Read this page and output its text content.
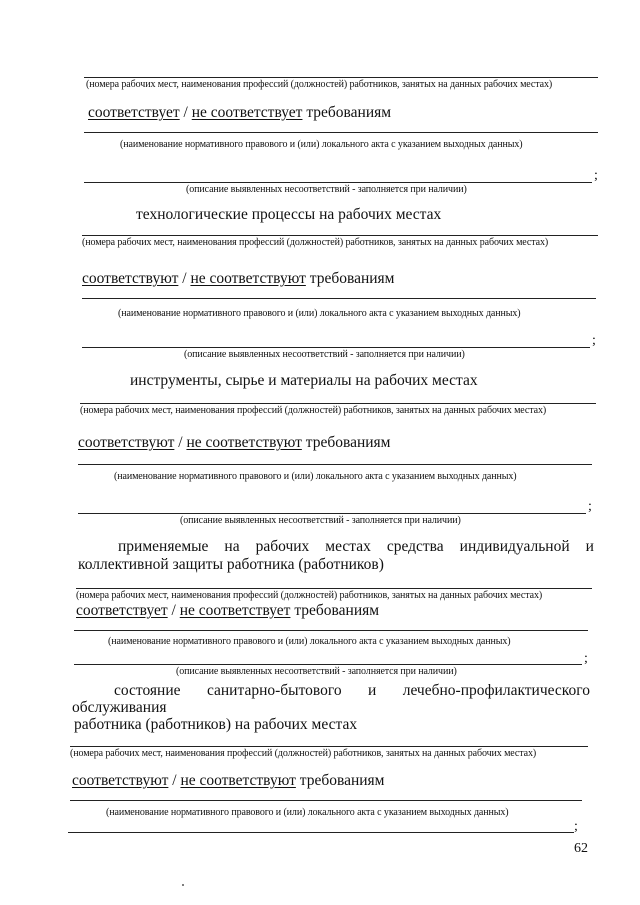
(номера рабочих мест, наименования профессий (должностей) работников, занятых на данных рабочих местах)
соответствует / не соответствует требованиям
(наименование нормативного правового и (или) локального акта с указанием выходных данных)
;
(описание выявленных несоответствий - заполняется при наличии)
технологические процессы на рабочих местах
(номера рабочих мест, наименования профессий (должностей) работников, занятых на данных рабочих местах)
соответствуют / не соответствуют требованиям
(наименование нормативного правового и (или) локального акта с указанием выходных данных)
;
(описание выявленных несоответствий - заполняется при наличии)
инструменты, сырье и материалы на рабочих местах
(номера рабочих мест, наименования профессий (должностей) работников, занятых на данных рабочих местах)
соответствуют / не соответствуют требованиям
(наименование нормативного правового и (или) локального акта с указанием выходных данных)
;
(описание выявленных несоответствий - заполняется при наличии)
применяемые на рабочих местах средства индивидуальной и
коллективной защиты работника (работников)
(номера рабочих мест, наименования профессий (должностей) работников, занятых на данных рабочих местах)
соответствует / не соответствует требованиям
(наименование нормативного правового и (или) локального акта с указанием выходных данных)
;
(описание выявленных несоответствий - заполняется при наличии)
состояние санитарно-бытового и лечебно-профилактического
обслуживания
работника (работников) на рабочих местах
(номера рабочих мест, наименования профессий (должностей) работников, занятых на данных рабочих местах)
соответствуют / не соответствуют требованиям
(наименование нормативного правового и (или) локального акта с указанием выходных данных)
;
62
